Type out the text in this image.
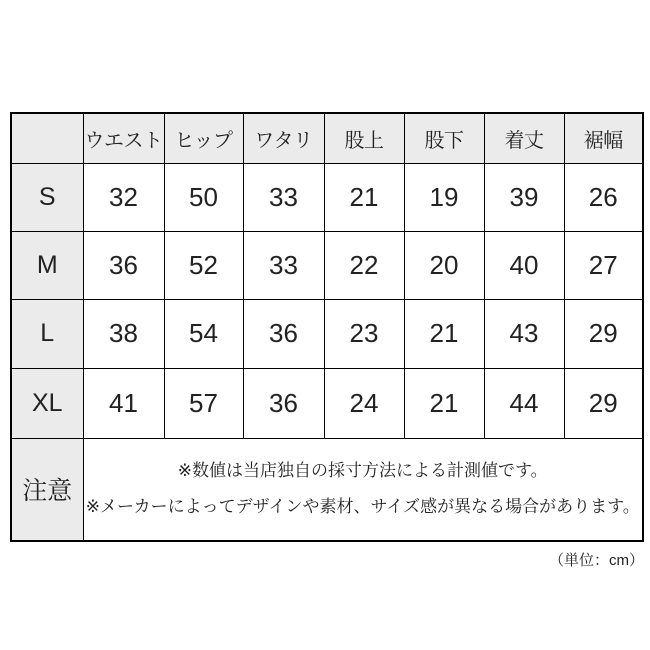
	ウエスト	ヒップ	ワタリ	股上	股下	着丈	裾幅
S	32	50	33	21	19	39	26
M	36	52	33	22	20	40	27
L	38	54	36	23	21	43	29
XL	41	57	36	24	21	44	29
注意	※数値は当店独自の採寸方法による計測値です。
※メーカーによってデザインや素材、サイズ感が異なる場合があります。						
（単位：cm）
